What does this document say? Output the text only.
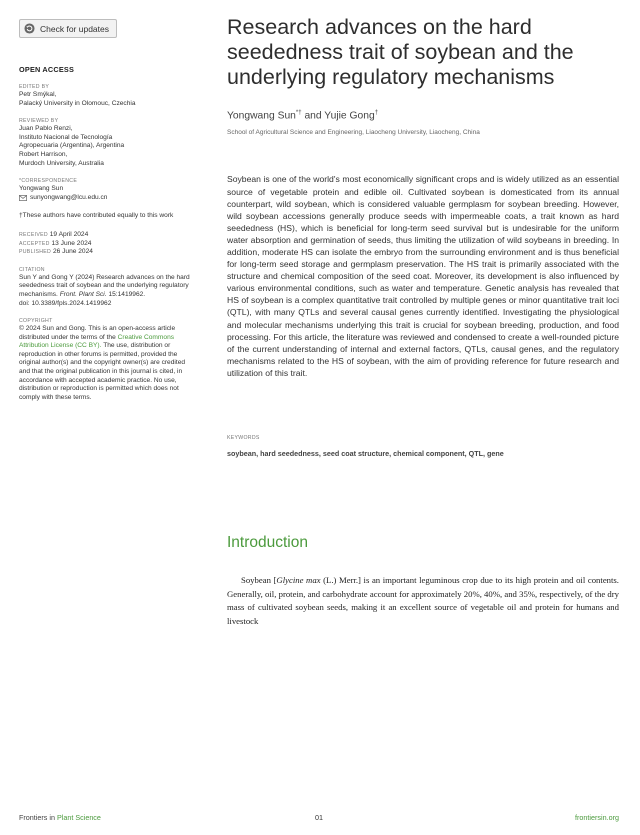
Check for updates
OPEN ACCESS
EDITED BY
Petr Smýkal,
Palacký University in Olomouc, Czechia
REVIEWED BY
Juan Pablo Renzi,
Instituto Nacional de Tecnología
Agropecuaria (Argentina), Argentina
Robert Harrison,
Murdoch University, Australia
*CORRESPONDENCE
Yongwang Sun
sunyongwang@lcu.edu.cn
†These authors have contributed equally to this work
RECEIVED 19 April 2024
ACCEPTED 13 June 2024
PUBLISHED 26 June 2024
CITATION
Sun Y and Gong Y (2024) Research advances on the hard seededness trait of soybean and the underlying regulatory mechanisms. Front. Plant Sci. 15:1419962.
doi: 10.3389/fpls.2024.1419962
COPYRIGHT
© 2024 Sun and Gong. This is an open-access article distributed under the terms of the Creative Commons Attribution License (CC BY). The use, distribution or reproduction in other forums is permitted, provided the original author(s) and the copyright owner(s) are credited and that the original publication in this journal is cited, in accordance with accepted academic practice. No use, distribution or reproduction is permitted which does not comply with these terms.
Research advances on the hard seededness trait of soybean and the underlying regulatory mechanisms
Yongwang Sun*† and Yujie Gong†
School of Agricultural Science and Engineering, Liaocheng University, Liaocheng, China
Soybean is one of the world's most economically significant crops and is widely utilized as an essential source of vegetable protein and edible oil. Cultivated soybean is domesticated from its annual counterpart, wild soybean, which is considered valuable germplasm for soybean breeding. However, wild soybean accessions generally produce seeds with impermeable coats, a trait known as hard seededness (HS), which is beneficial for long-term seed survival but is undesirable for the uniform water absorption and germination of seeds, thus limiting the utilization of wild soybeans in breeding. In addition, moderate HS can isolate the embryo from the surrounding environment and is thus beneficial for long-term seed storage and germplasm preservation. The HS trait is primarily associated with the structure and chemical composition of the seed coat. Moreover, its development is also influenced by various environmental conditions, such as water and temperature. Genetic analysis has revealed that HS of soybean is a complex quantitative trait controlled by multiple genes or minor quantitative trait loci (QTL), with many QTLs and several causal genes currently identified. Investigating the physiological and molecular mechanisms underlying this trait is crucial for soybean breeding, production, and food processing. For this article, the literature was reviewed and condensed to create a well-rounded picture of the current understanding of internal and external factors, QTLs, causal genes, and the regulatory mechanisms related to the HS of soybean, with the aim of providing reference for future research and utilization of this trait.
KEYWORDS
soybean, hard seededness, seed coat structure, chemical component, QTL, gene
Introduction

Soybean [Glycine max (L.) Merr.] is an important leguminous crop due to its high protein and oil contents. Generally, oil, protein, and carbohydrate account for approximately 20%, 40%, and 35%, respectively, of the dry mass of cultivated soybean seeds, making it an excellent source of vegetable oil and protein for humans and livestock

Frontiers in Plant Science	01	frontiersin.org
